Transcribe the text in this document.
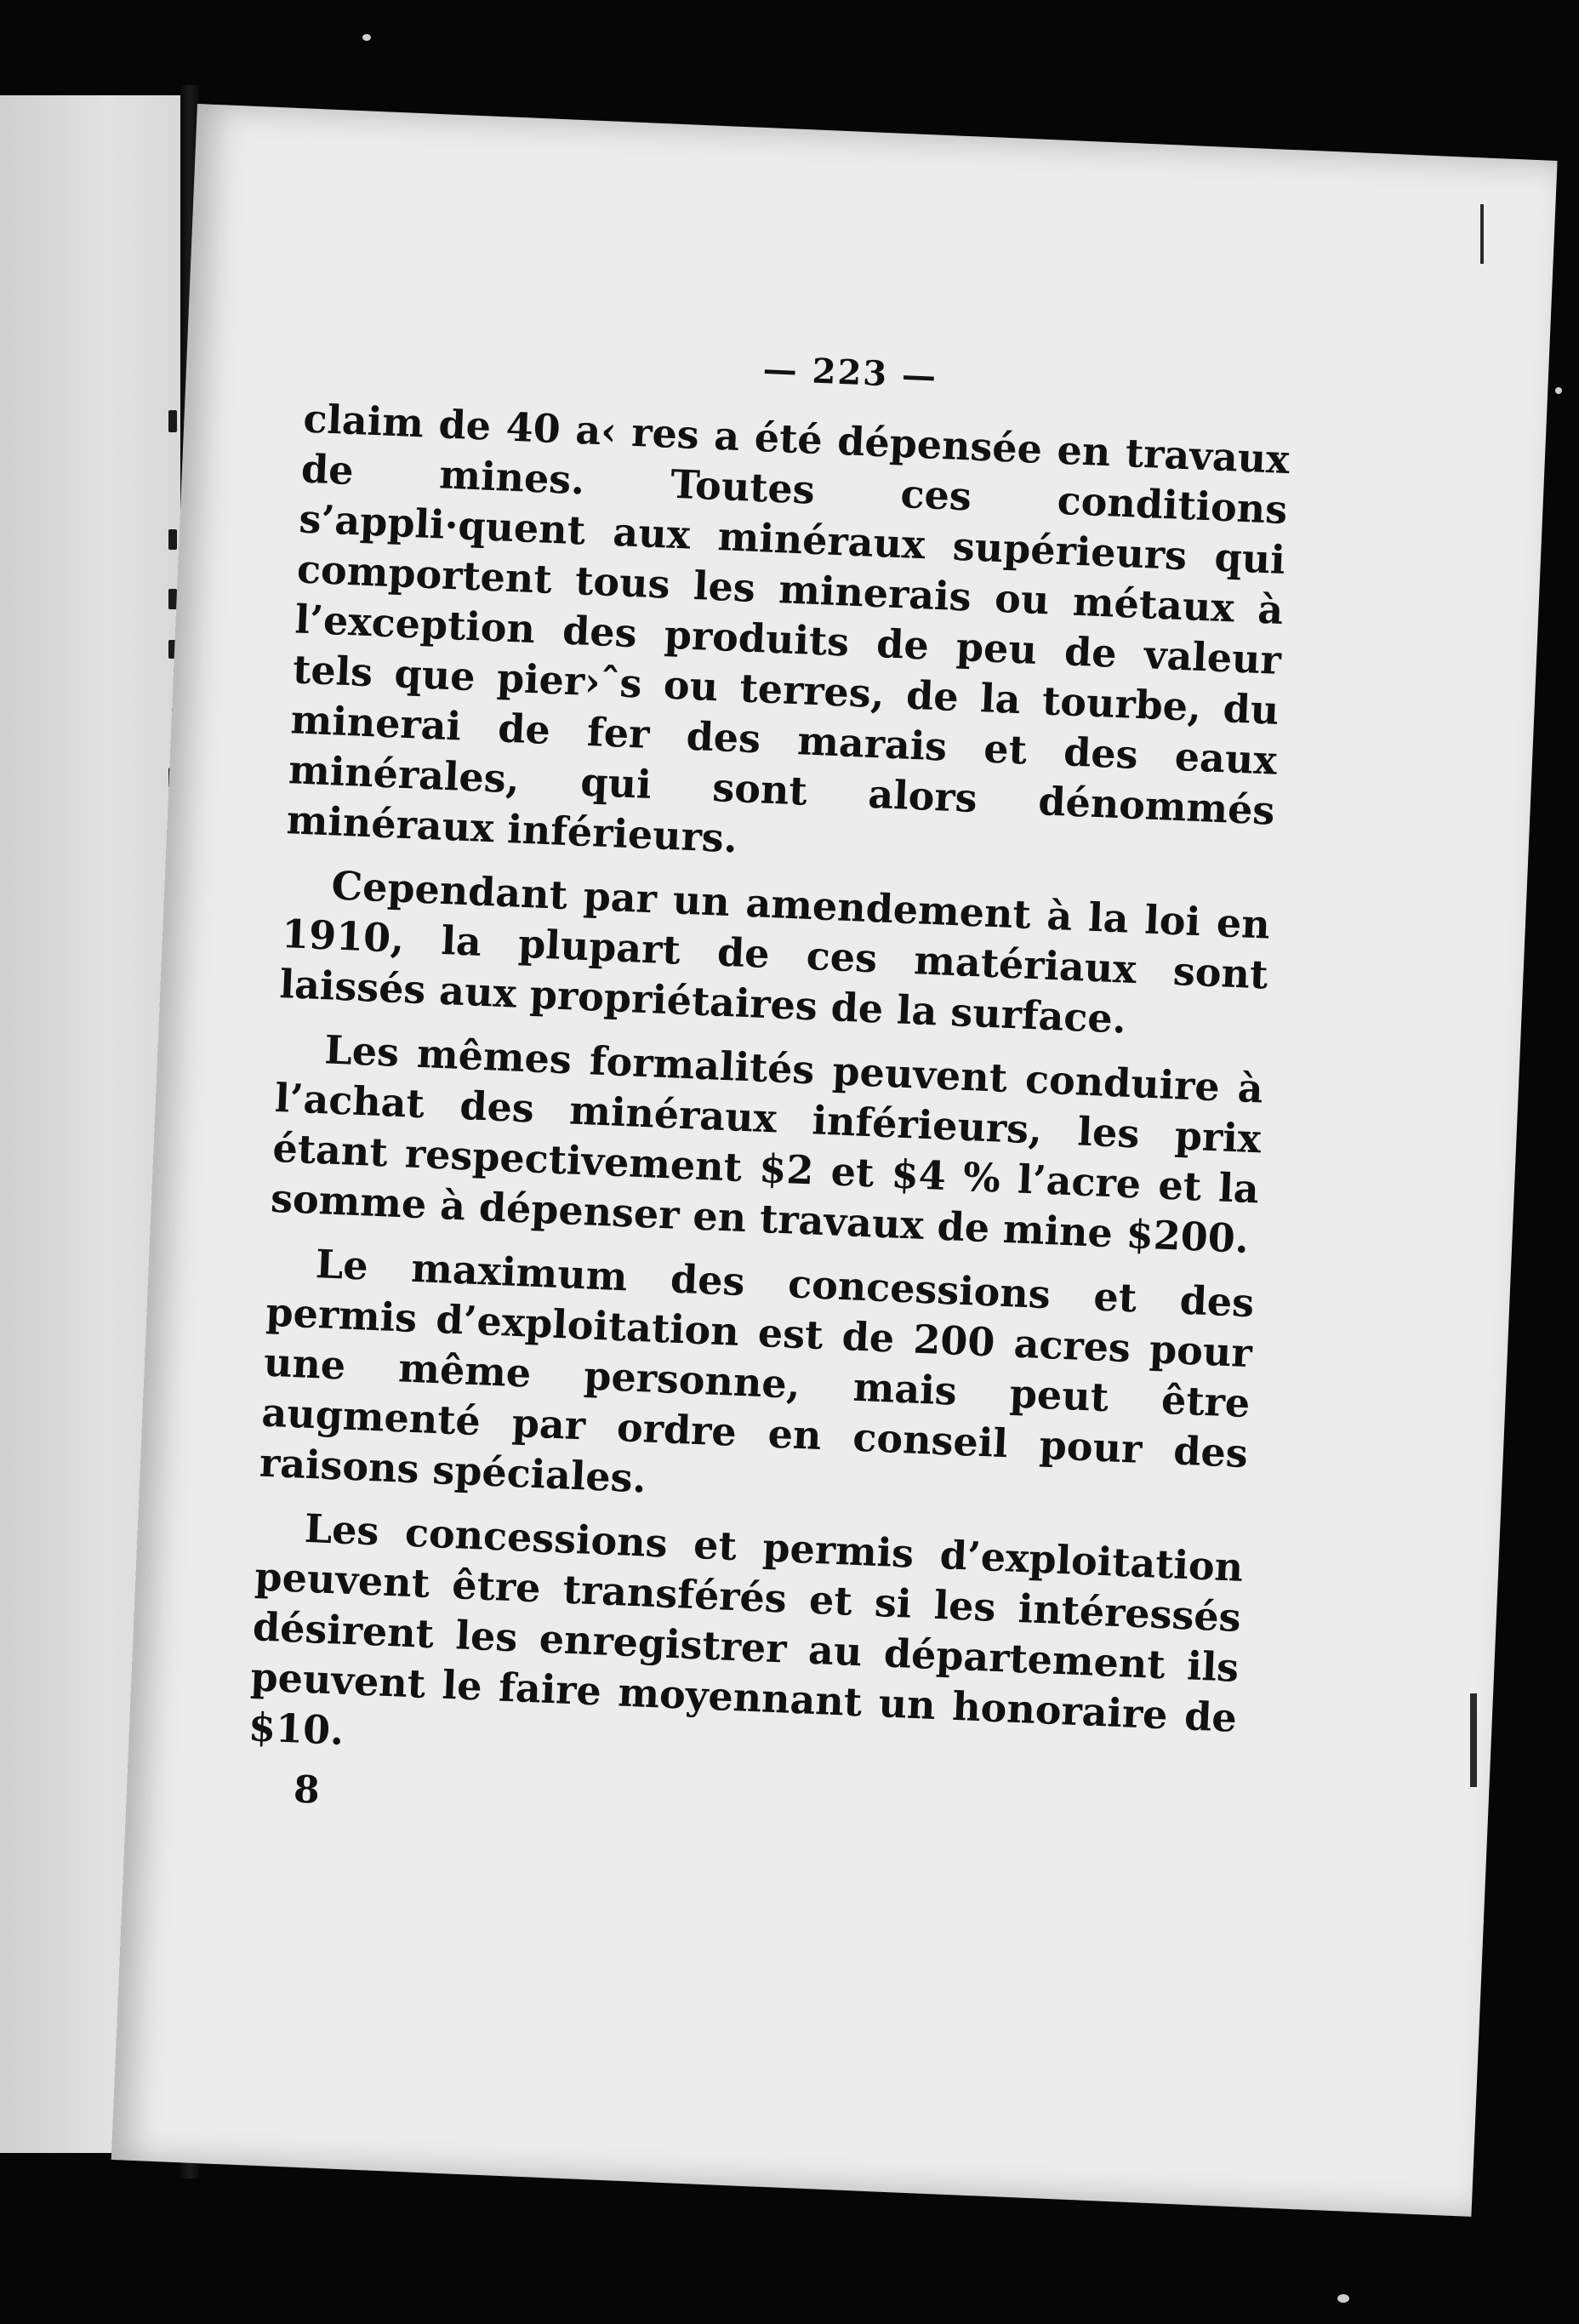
— 223 —

claim de 40 a‹ res a été dépensée en travaux de mines. Toutes ces conditions s’appli·quent aux minéraux supérieurs qui comportent tous les minerais ou métaux à l’exception des produits de peu de valeur tels que pier›ˆs ou terres, de la tourbe, du minerai de fer des marais et des eaux minérales, qui sont alors dénommés minéraux inférieurs.

Cependant par un amendement à la loi en 1910, la plupart de ces matériaux sont laissés aux propriétaires de la surface.

Les mêmes formalités peuvent conduire à l’achat des minéraux inférieurs, les prix étant respectivement $2 et $4 % l’acre et la somme à dépenser en travaux de mine $200.

Le maximum des concessions et des permis d’exploitation est de 200 acres pour une même personne, mais peut être augmenté par ordre en conseil pour des raisons spéciales.

Les concessions et permis d’exploitation peuvent être transférés et si les intéressés désirent les enregistrer au département ils peuvent le faire moyennant un honoraire de $10.

8
